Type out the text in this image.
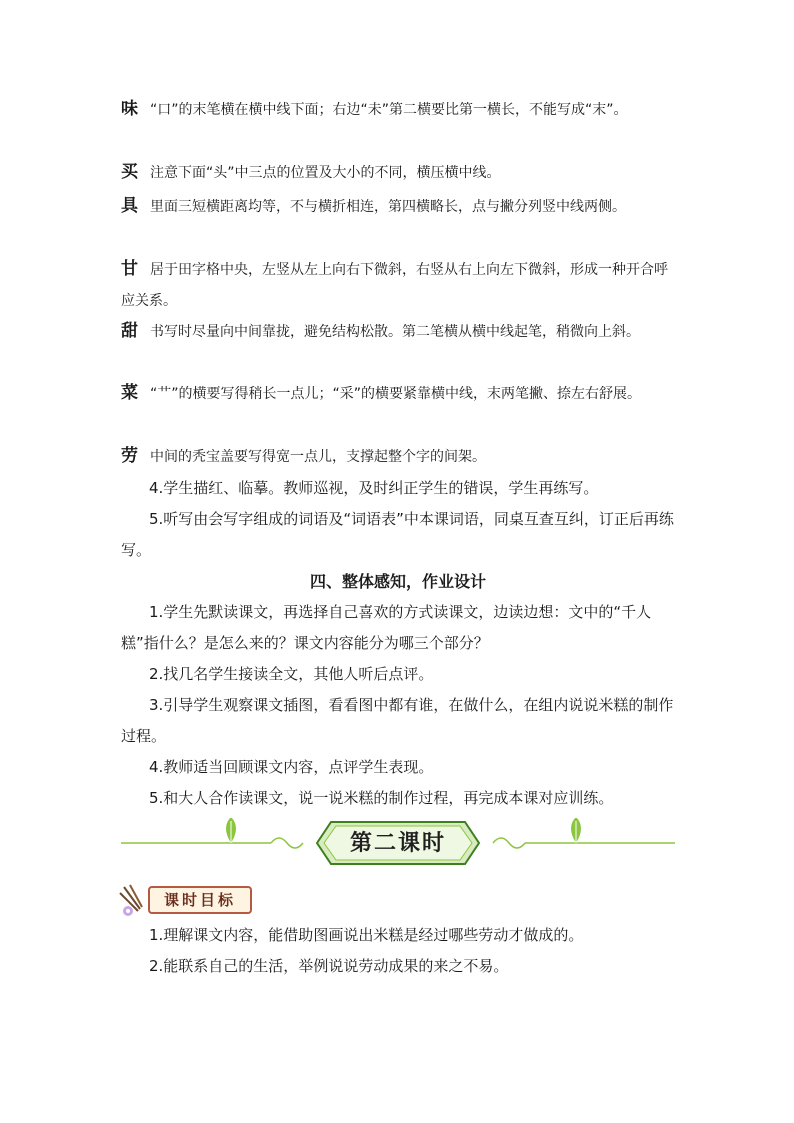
味 “口”的末笔横在横中线下面；右边“未”第二横要比第一横长，不能写成“末”。
买 注意下面“头”中三点的位置及大小的不同，横压横中线。
具 里面三短横距离均等，不与横折相连，第四横略长，点与撇分列竖中线两侧。
甘 居于田字格中央，左竖从左上向右下微斜，右竖从右上向左下微斜，形成一种开合呼应关系。
甜 书写时尽量向中间靠拢，避免结构松散。第二笔横从横中线起笔，稍微向上斜。
菜 “艹”的横要写得稍长一点儿；“采”的横要紧靠横中线，末两笔撇、捺左右舒展。
劳 中间的秃宝盖要写得宽一点儿，支撑起整个字的间架。
4.学生描红、临摹。教师巡视，及时纠正学生的错误，学生再练写。
5.听写由会写字组成的词语及“词语表”中本课词语，同桌互查互纠，订正后再练写。
四、整体感知，作业设计
1.学生先默读课文，再选择自己喜欢的方式读课文，边读边想：文中的“千人糕”指什么？是怎么来的？课文内容能分为哪三个部分？
2.找几名学生接读全文，其他人听后点评。
3.引导学生观察课文插图，看看图中都有谁，在做什么，在组内说说米糕的制作过程。
4.教师适当回顾课文内容，点评学生表现。
5.和大人合作读课文，说一说米糕的制作过程，再完成本课对应训练。
第二课时
课时目标
1.理解课文内容，能借助图画说出米糕是经过哪些劳动才做成的。
2.能联系自己的生活，举例说说劳动成果的来之不易。
